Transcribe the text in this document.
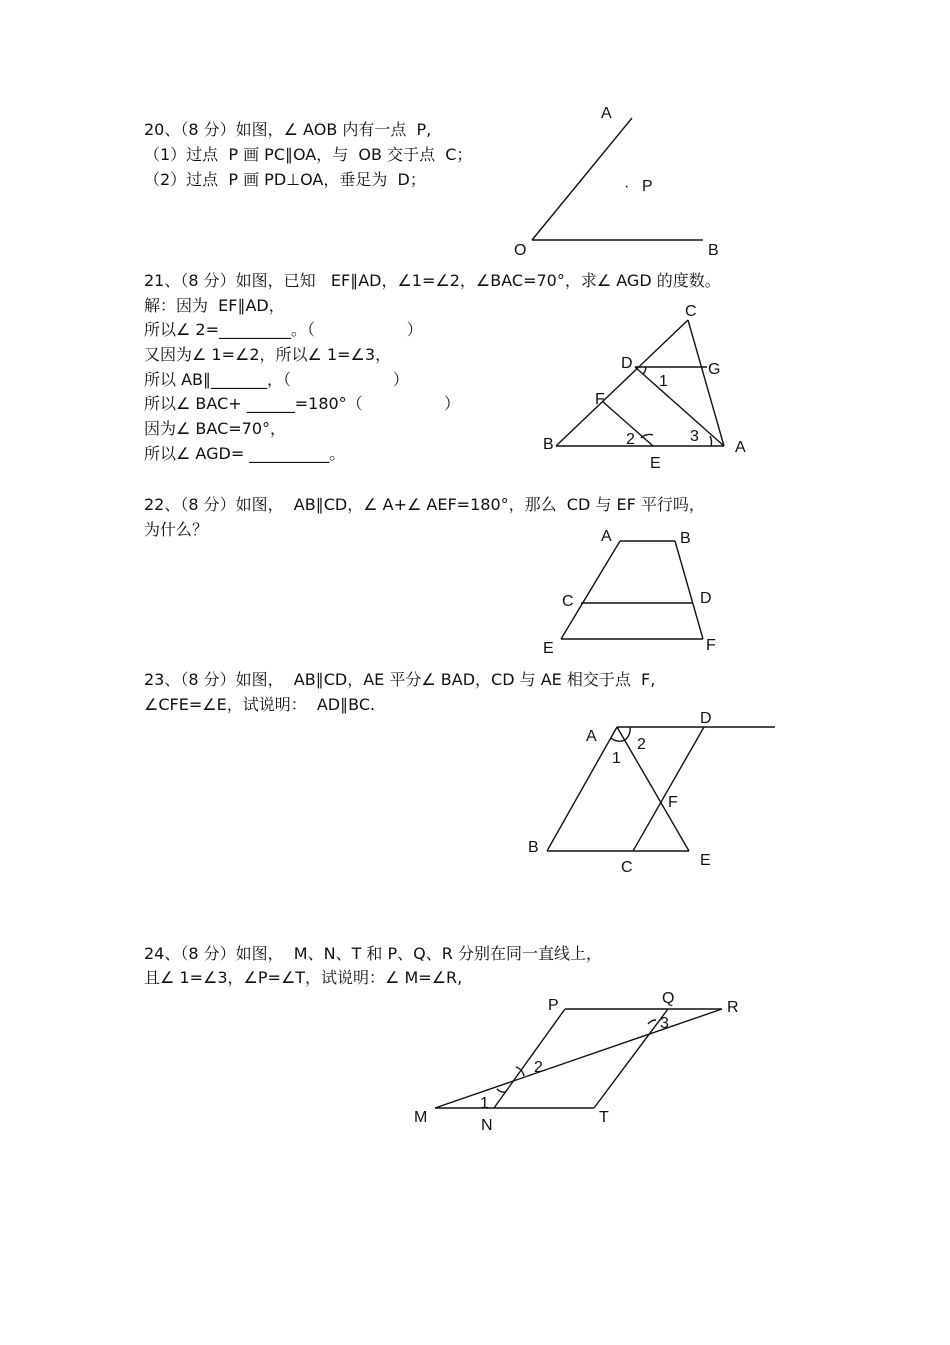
20、（8 分）如图，∠ AOB 内有一点  P,
（1）过点  P 画 PC∥OA，与  OB 交于点  C；
（2）过点  P 画 PD⊥OA，垂足为  D；
A
O	B
· P
21、（8 分）如图，已知   EF∥AD，∠1=∠2，∠BAC=70°，求∠ AGD 的度数。
解：因为  EF∥AD，
所以∠ 2=_________。（                  ）
又因为∠ 1=∠2，所以∠ 1=∠3，
所以 AB∥_______，（                    ）
所以∠ BAC+ ______=180°（                ）
因为∠ BAC=70°，
所以∠ AGD= __________。
C
D	G
1
F
B	2	3
A
E
22、（8 分）如图，  AB∥CD，∠ A+∠ AEF=180°，那么  CD 与 EF 平行吗，
为什么？	A	B
C	D
E	F
23、（8 分）如图，  AB∥CD，AE 平分∠ BAD，CD 与 AE 相交于点  F,
∠CFE=∠E，试说明：  AD∥BC.
A
D
1
2
F
B
C	E
24、（8 分）如图，  M、N、T 和 P、Q、R 分别在同一直线上，
且∠ 1=∠3，∠P=∠T，试说明：∠ M=∠R,
P	Q
R
3
2
1
M	N	T
